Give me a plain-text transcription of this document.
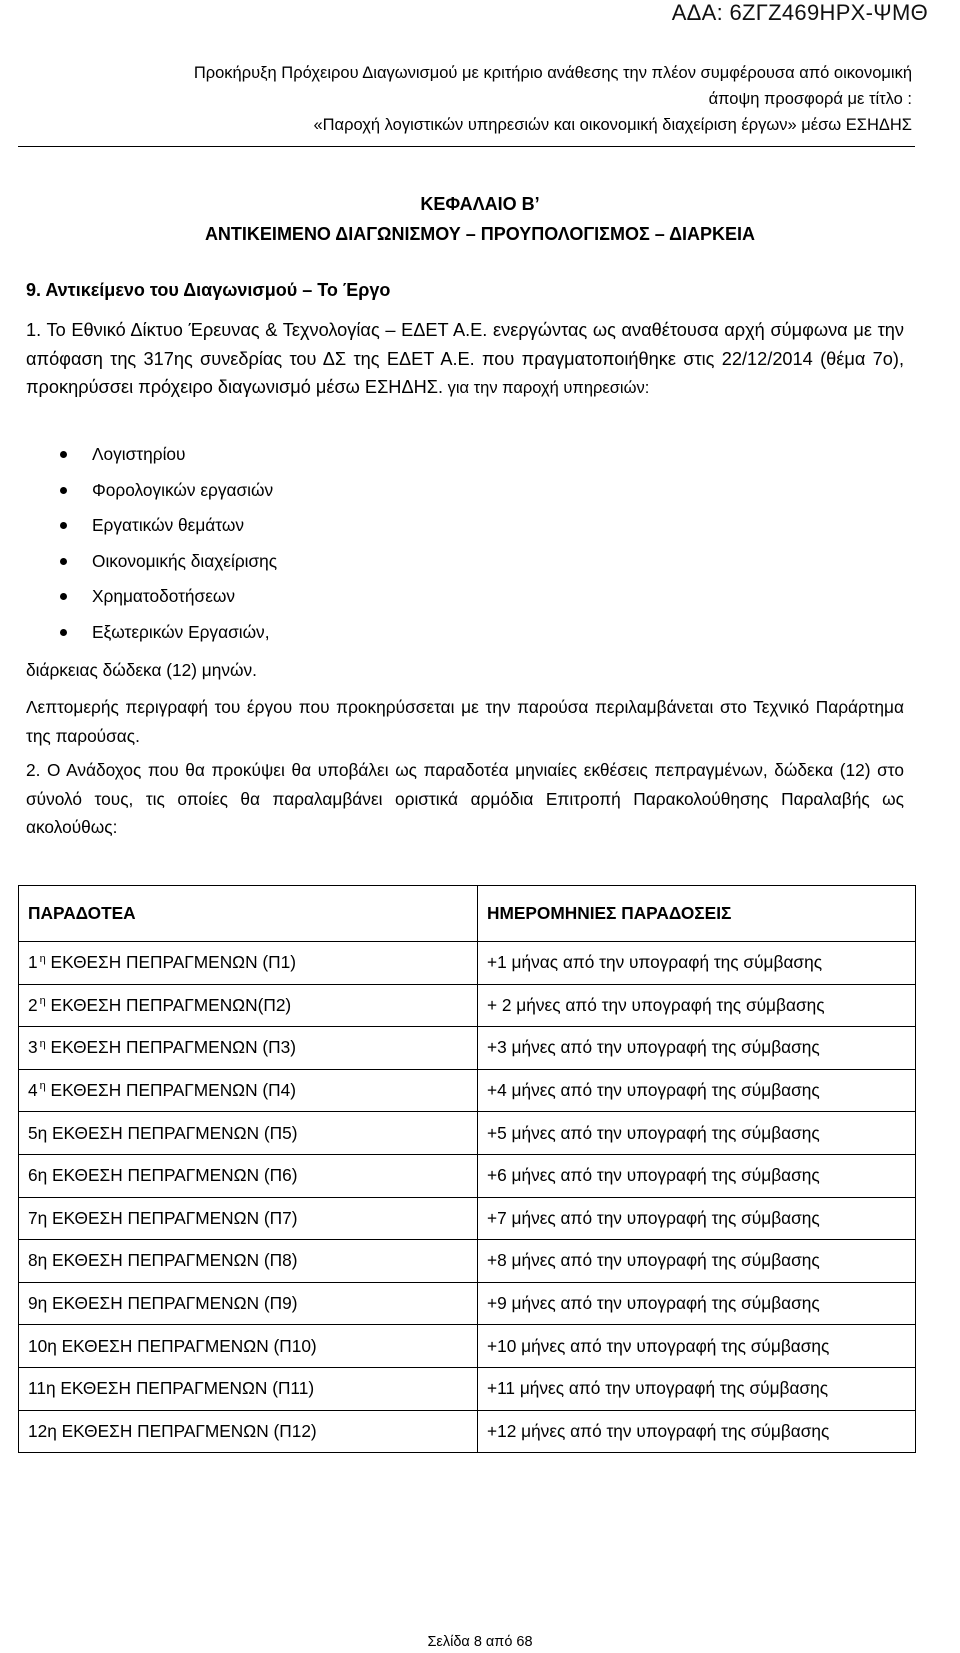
ΑΔΑ: 6ΖΓΖ469ΗΡΧ-ΨΜΘ
Προκήρυξη Πρόχειρου Διαγωνισμού με κριτήριο ανάθεσης την πλέον συμφέρουσα από οικονομική
άποψη προσφορά με τίτλο :
«Παροχή λογιστικών υπηρεσιών και οικονομική διαχείριση έργων» μέσω ΕΣΗΔΗΣ
ΚΕΦΑΛΑΙΟ Β’
ΑΝΤΙΚΕΙΜΕΝΟ ΔΙΑΓΩΝΙΣΜΟΥ – ΠΡΟΥΠΟΛΟΓΙΣΜΟΣ – ΔΙΑΡΚΕΙΑ
9. Αντικείμενο του Διαγωνισμού – Το Έργο
1. Το Εθνικό Δίκτυο Έρευνας & Τεχνολογίας – ΕΔΕΤ Α.Ε. ενεργώντας ως αναθέτουσα αρχή σύμφωνα με την απόφαση της 317ης συνεδρίας του ΔΣ της ΕΔΕΤ Α.Ε. που πραγματοποιήθηκε στις 22/12/2014 (θέμα 7ο), προκηρύσσει πρόχειρο διαγωνισμό μέσω ΕΣΗΔΗΣ. για την παροχή υπηρεσιών:
Λογιστηρίου
Φορολογικών εργασιών
Εργατικών θεμάτων
Οικονομικής διαχείρισης
Χρηματοδοτήσεων
Εξωτερικών Εργασιών,
διάρκειας δώδεκα (12) μηνών.
Λεπτομερής περιγραφή του έργου που προκηρύσσεται με την παρούσα περιλαμβάνεται στο Τεχνικό Παράρτημα της παρούσας.
2. Ο Ανάδοχος που θα προκύψει θα υποβάλει ως παραδοτέα μηνιαίες εκθέσεις πεπραγμένων, δώδεκα (12) στο σύνολό τους, τις οποίες θα παραλαμβάνει οριστικά αρμόδια Επιτροπή Παρακολούθησης Παραλαβής ως ακολούθως:
ΠΑΡΑΔΟΤΕΑ	ΗΜΕΡΟΜΗΝΙΕΣ ΠΑΡΑΔΟΣΕΙΣ
1 $^\eta$ ΕΚΘΕΣΗ ΠΕΠΡΑΓΜΕΝΩΝ (Π1)	+1 μήνας από την υπογραφή της σύμβασης
2 $^\eta$ ΕΚΘΕΣΗ ΠΕΠΡΑΓΜΕΝΩΝ(Π2)	+ 2 μήνες από την υπογραφή της σύμβασης
3 $^\eta$ ΕΚΘΕΣΗ ΠΕΠΡΑΓΜΕΝΩΝ (Π3)	+3 μήνες από την υπογραφή της σύμβασης
4 $^\eta$ ΕΚΘΕΣΗ ΠΕΠΡΑΓΜΕΝΩΝ (Π4)	+4 μήνες από την υπογραφή της σύμβασης
5η ΕΚΘΕΣΗ ΠΕΠΡΑΓΜΕΝΩΝ (Π5)	+5 μήνες από την υπογραφή της σύμβασης
6η ΕΚΘΕΣΗ ΠΕΠΡΑΓΜΕΝΩΝ (Π6)	+6 μήνες από την υπογραφή της σύμβασης
7η ΕΚΘΕΣΗ ΠΕΠΡΑΓΜΕΝΩΝ (Π7)	+7 μήνες από την υπογραφή της σύμβασης
8η ΕΚΘΕΣΗ ΠΕΠΡΑΓΜΕΝΩΝ (Π8)	+8 μήνες από την υπογραφή της σύμβασης
9η ΕΚΘΕΣΗ ΠΕΠΡΑΓΜΕΝΩΝ (Π9)	+9 μήνες από την υπογραφή της σύμβασης
10η ΕΚΘΕΣΗ ΠΕΠΡΑΓΜΕΝΩΝ (Π10)	+10 μήνες από την υπογραφή της σύμβασης
11η ΕΚΘΕΣΗ ΠΕΠΡΑΓΜΕΝΩΝ (Π11)	+11 μήνες από την υπογραφή της σύμβασης
12η ΕΚΘΕΣΗ ΠΕΠΡΑΓΜΕΝΩΝ (Π12)	+12 μήνες από την υπογραφή της σύμβασης
Σελίδα 8 από 68
